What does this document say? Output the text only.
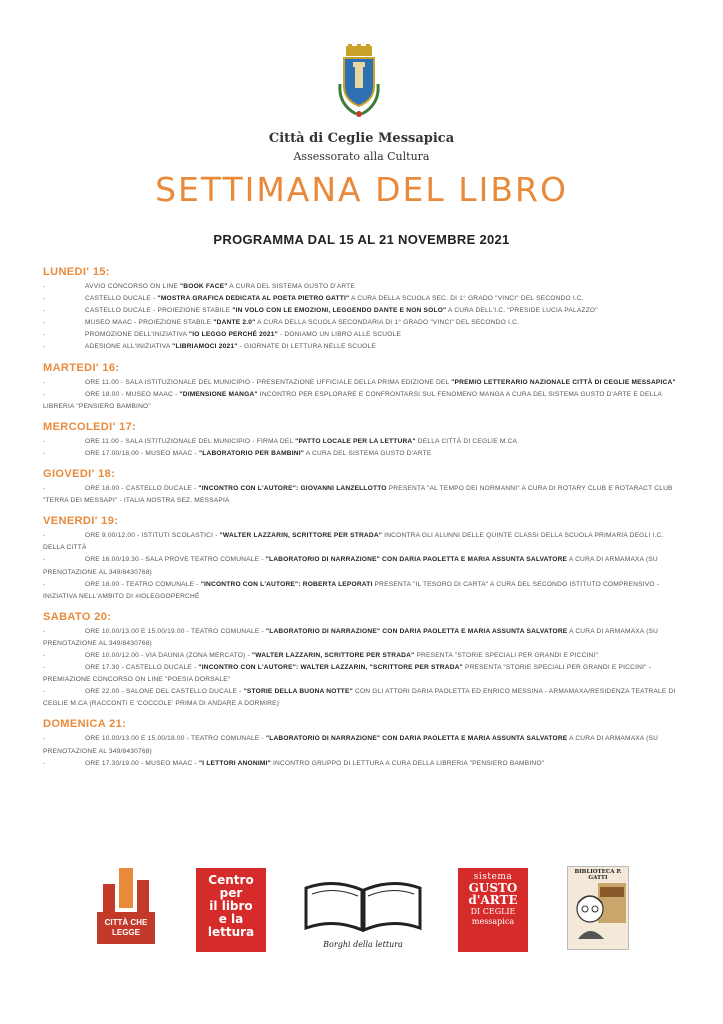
Città di Ceglie Messapica
Assessorato alla Cultura
SETTIMANA DEL LIBRO
PROGRAMMA DAL 15 AL 21 NOVEMBRE 2021
LUNEDI' 15:
-	AVVIO CONCORSO ON LINE "BOOK FACE" A CURA DEL SISTEMA GUSTO D'ARTE
-	CASTELLO DUCALE - "MOSTRA GRAFICA DEDICATA AL POETA PIETRO GATTI" A CURA DELLA SCUOLA SEC. DI 1° GRADO "VINCI" DEL SECONDO I.C.
-	CASTELLO DUCALE - PROIEZIONE STABILE "IN VOLO CON LE EMOZIONI, LEGGENDO DANTE E NON SOLO" A CURA DELL'I.C. "PRESIDE LUCIA PALAZZO"
-	MUSEO MAAC - PROIEZIONE STABILE "DANTE 2.0" A CURA DELLA SCUOLA SECONDARIA DI 1° GRADO "VINCI" DEL SECONDO I.C.
-	PROMOZIONE DELL'INIZIATIVA "IO LEGGO PERCHÉ 2021" - DONIAMO UN LIBRO ALLE SCUOLE
-	ADESIONE ALL'INIZIATIVA "LIBRIAMOCI 2021" - GIORNATE DI LETTURA NELLE SCUOLE
MARTEDI' 16:
-	ORE 11.00 - SALA ISTITUZIONALE DEL MUNICIPIO - PRESENTAZIONE UFFICIALE DELLA PRIMA EDIZIONE DEL "PREMIO LETTERARIO NAZIONALE CITTÀ DI CEGLIE MESSAPICA"
-	ORE 18.00 - MUSEO MAAC - "DIMENSIONE MANGA" INCONTRO PER ESPLORARE E CONFRONTARSI SUL FENOMENO MANGA A CURA DEL SISTEMA GUSTO D'ARTE E DELLA LIBRERIA "PENSIERO BAMBINO"
MERCOLEDI' 17:
-	ORE 11.00 - SALA ISTITUZIONALE DEL MUNICIPIO - FIRMA DEL "PATTO LOCALE PER LA LETTURA" DELLA CITTÀ DI CEGLIE M.CA
-	ORE 17.00/18.00 - MUSEO MAAC - "LABORATORIO PER BAMBINI" A CURA DEL SISTEMA GUSTO D'ARTE
GIOVEDI' 18:
-	ORE 18.00 - CASTELLO DUCALE - "INCONTRO CON L'AUTORE": GIOVANNI LANZELLOTTO PRESENTA "AL TEMPO DEI NORMANNI" A CURA DI ROTARY CLUB E ROTARACT CLUB "TERRA DEI MESSAPI" - ITALIA NOSTRA SEZ. MESSAPIA
VENERDI' 19:
-	ORE 9.00/12.00 - ISTITUTI SCOLASTICI - "WALTER LAZZARIN, SCRITTORE PER STRADA" INCONTRA GLI ALUNNI DELLE QUINTE CLASSI DELLA SCUOLA PRIMARIA DEGLI I.C. DELLA CITTÀ
-	ORE 16.00/19.30 - SALA PROVE TEATRO COMUNALE - "LABORATORIO DI NARRAZIONE" CON DARIA PAOLETTA E MARIA ASSUNTA SALVATORE A CURA DI ARMAMAXA (SU PRENOTAZIONE AL 349/8430768)
-	ORE 18.00 - TEATRO COMUNALE - "INCONTRO CON L'AUTORE": ROBERTA LEPORATI PRESENTA "IL TESORO DI CARTA" A CURA DEL SECONDO ISTITUTO COMPRENSIVO -INIZIATIVA NELL'AMBITO DI #IOLEGGOPERCHÉ
SABATO 20:
-	ORE 10.00/13.00 E 15.00/19.00 - TEATRO COMUNALE - "LABORATORIO DI NARRAZIONE" CON DARIA PAOLETTA E MARIA ASSUNTA SALVATORE A CURA DI ARMAMAXA (SU PRENOTAZIONE AL 349/8430768)
-	ORE 10.00/12.00 - VIA DAUNIA (ZONA MERCATO) - "WALTER LAZZARIN, SCRITTORE PER STRADA" PRESENTA "STORIE SPECIALI PER GRANDI E PICCINI"
-	ORE 17.30 - CASTELLO DUCALE - "INCONTRO CON L'AUTORE": WALTER LAZZARIN, "SCRITTORE PER STRADA" PRESENTA "STORIE SPECIALI PER GRANDI E PICCINI" - PREMIAZIONE CONCORSO ON LINE "POESIA DORSALE"
-	ORE 22.00 - SALONE DEL CASTELLO DUCALE - "STORIE DELLA BUONA NOTTE" CON GLI ATTORI DARIA PAOLETTA ED ENRICO MESSINA - ARMAMAXA/RESIDENZA TEATRALE DI CEGLIE M.CA (RACCONTI E 'COCCOLE' PRIMA DI ANDARE A DORMIRE)
DOMENICA 21:
-	ORE 10.00/13.00 E 15.00/18.00 - TEATRO COMUNALE - "LABORATORIO DI NARRAZIONE" CON DARIA PAOLETTA E MARIA ASSUNTA SALVATORE A CURA DI ARMAMAXA (SU PRENOTAZIONE AL 349/8430768)
-	ORE 17.30/19.00 - MUSEO MAAC - "I LETTORI ANONIMI" INCONTRO GRUPPO DI LETTURA A CURA DELLA LIBRERIA "PENSIERO BAMBINO"
CITTÀ CHE LEGGE
Centro
per
il libro
e la
lettura
Borghi della lettura
sistema
GUSTO
d'ARTE
DI CEGLIE
messapica
BIBLIOTECA P. GATTI
